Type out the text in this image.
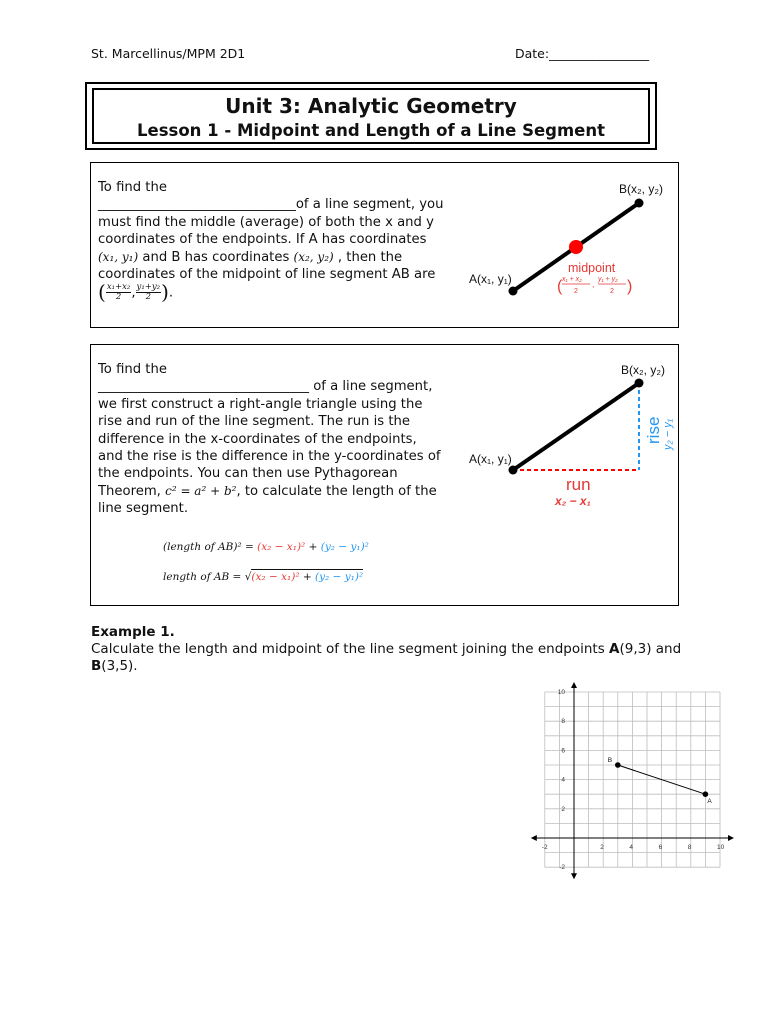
St. Marcellinus/MPM 2D1	Date:________________
Unit 3: Analytic Geometry
Lesson 1 - Midpoint and Length of a Line Segment
To find the
______________________________of a line segment, you must find the middle (average) of both the x and y coordinates of the endpoints. If A has coordinates (x₁, y₁) and B has coordinates (x₂, y₂) , then the coordinates of the midpoint of line segment AB are ( $\frac{\text{x₁+x₂}}{2}$ , $\frac{\text{y₁+y₂}}{2}$ ).
B(x₂, y₂)
A(x₁, y₁)
midpoint
( x₁ + x₂
2
,
y₁ + y₂
2 )
To find the
________________________________ of a line segment, we first construct a right-angle triangle using the rise and run of the line segment. The run is the difference in the x-coordinates of the endpoints, and the rise is the difference in the y-coordinates of the endpoints. You can then use Pythagorean Theorem, c² = a² + b², to calculate the length of the line segment.
(length of AB)² = (x₂ − x₁)² + (y₂ − y₁)²
length of AB = √(x₂ − x₁)² + (y₂ − y₁)²
B(x₂, y₂)
A(x₁, y₁)
rise y₂ − y₁
run
x₂ − x₁
Example 1.
Calculate the length and midpoint of the line segment joining the endpoints A(9,3) and B(3,5).
-2	2	4	6	8	10
10
8
6
4
2
-2
A
B
